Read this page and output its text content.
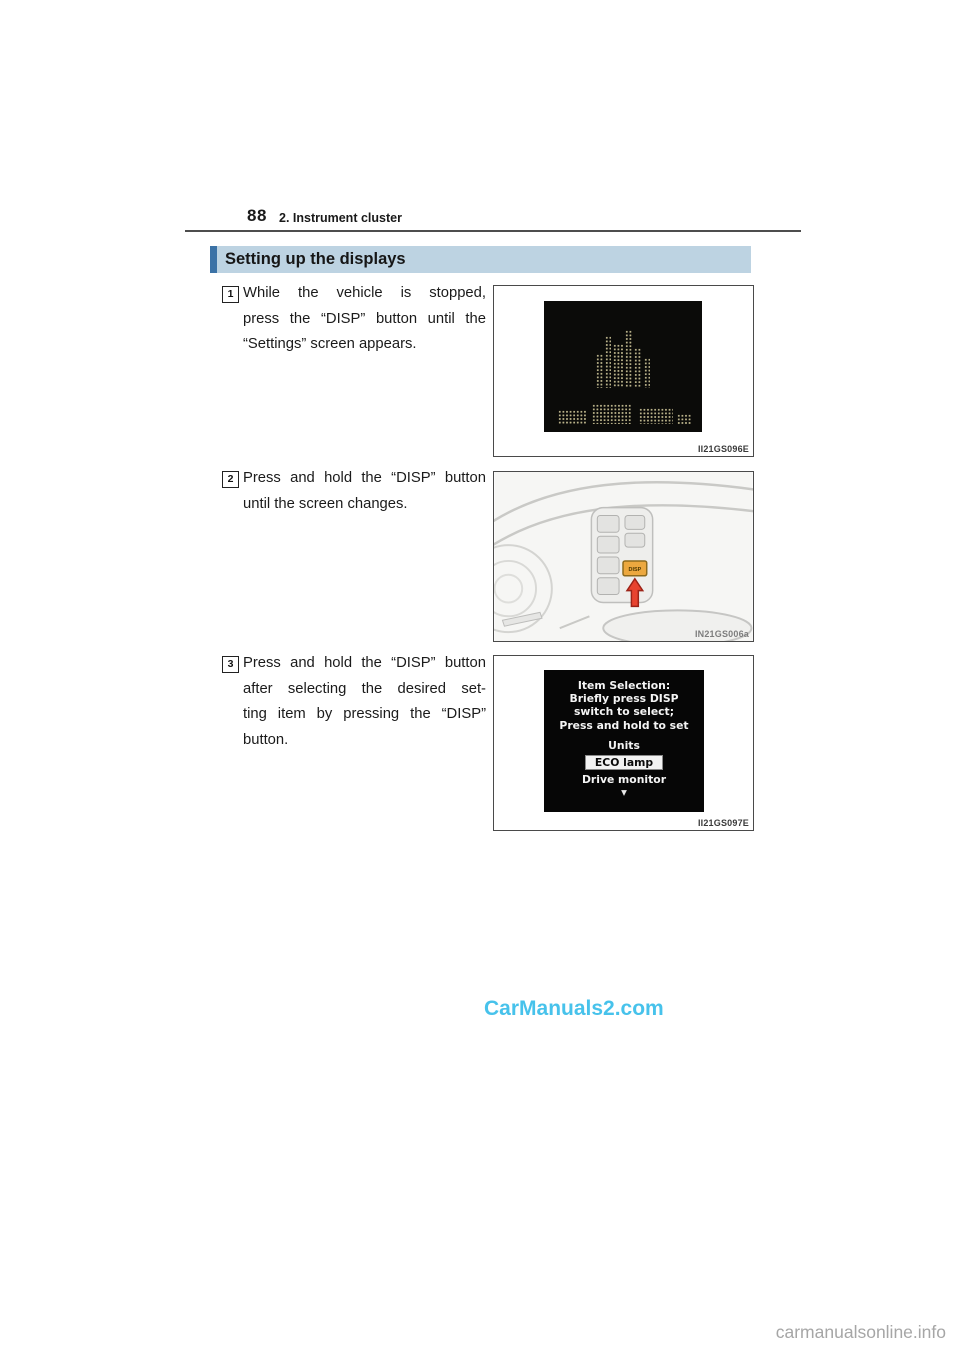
88 2. Instrument cluster
Setting up the displays
1 While the vehicle is stopped,
press the “DISP” button until the
“Settings” screen appears.
II21GS096E
2 Press and hold the “DISP” button
until the screen changes.
DISP
IN21GS006a
3 Press and hold the “DISP” button
after selecting the desired set-
ting item by pressing the “DISP”
button.
Item Selection:
Briefly press DISP
switch to select;
Press and hold to set
Units
ECO lamp
Drive monitor
▼
II21GS097E
CarManuals2.com
carmanualsonline.info
